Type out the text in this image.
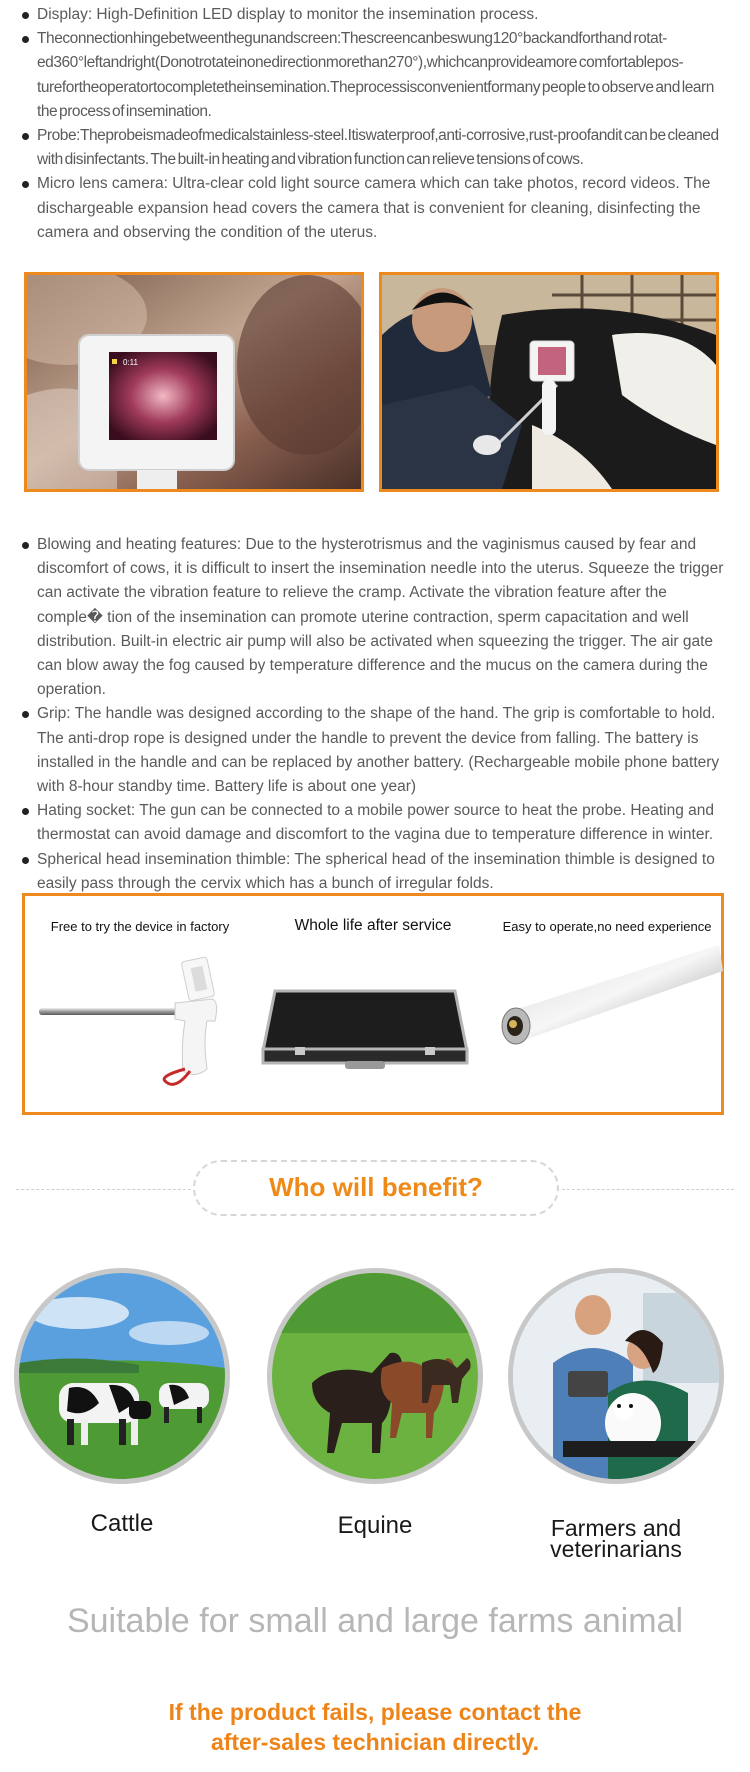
Display: High-Definition LED display to monitor the insemination process.
Theconnectionhingebetweenthegunandscreen:Thescreencanbeswung120°backandforthand rotat-ed360°leftandright(Donotrotateinonedirectionmorethan270°),whichcanprovideamore comfortablepos-turefortheoperatortocompletetheinsemination.Theprocessisconvenientformany people to observe and learn the process of insemination.
Probe:Theprobeismadeofmedicalstainless-steel.Itiswaterproof,anti-corrosive,rust-proofandit can be cleaned with disinfectants. The built-in heating and vibration function can relieve tensions of cows.
Micro lens camera: Ultra-clear cold light source camera which can take photos, record videos. The dischargeable expansion head covers the camera that is convenient for cleaning, disinfecting the camera and observing the condition of the uterus.
0:11
Blowing and heating features: Due to the hysterotrismus and the vaginismus caused by fear and discomfort of cows, it is difficult to insert the insemination needle into the uterus. Squeeze the trigger can activate the vibration feature to relieve the cramp. Activate the vibration feature after the comple� tion of the insemination can promote uterine contraction, sperm capacitation and well distribution. Built-in electric air pump will also be activated when squeezing the trigger. The air gate can blow away the fog caused by temperature difference and the mucus on the camera during the operation.
Grip: The handle was designed according to the shape of the hand. The grip is comfortable to hold. The anti-drop rope is designed under the handle to prevent the device from falling. The battery is installed in the handle and can be replaced by another battery. (Rechargeable mobile phone battery with 8-hour standby time. Battery life is about one year)
Hating socket: The gun can be connected to a mobile power source to heat the probe. Heating and thermostat can avoid damage and discomfort to the vagina due to temperature difference in winter.
Spherical head insemination thimble: The spherical head of the insemination thimble is designed to easily pass through the cervix which has a bunch of irregular folds.
Free to try the device in factory	Whole life after service	Easy to operate,no need experience
Who will benefit?
Cattle	Equine	Farmers and
veterinarians
Suitable for small and large farms animal
If the product fails, please contact the
after-sales technician directly.
